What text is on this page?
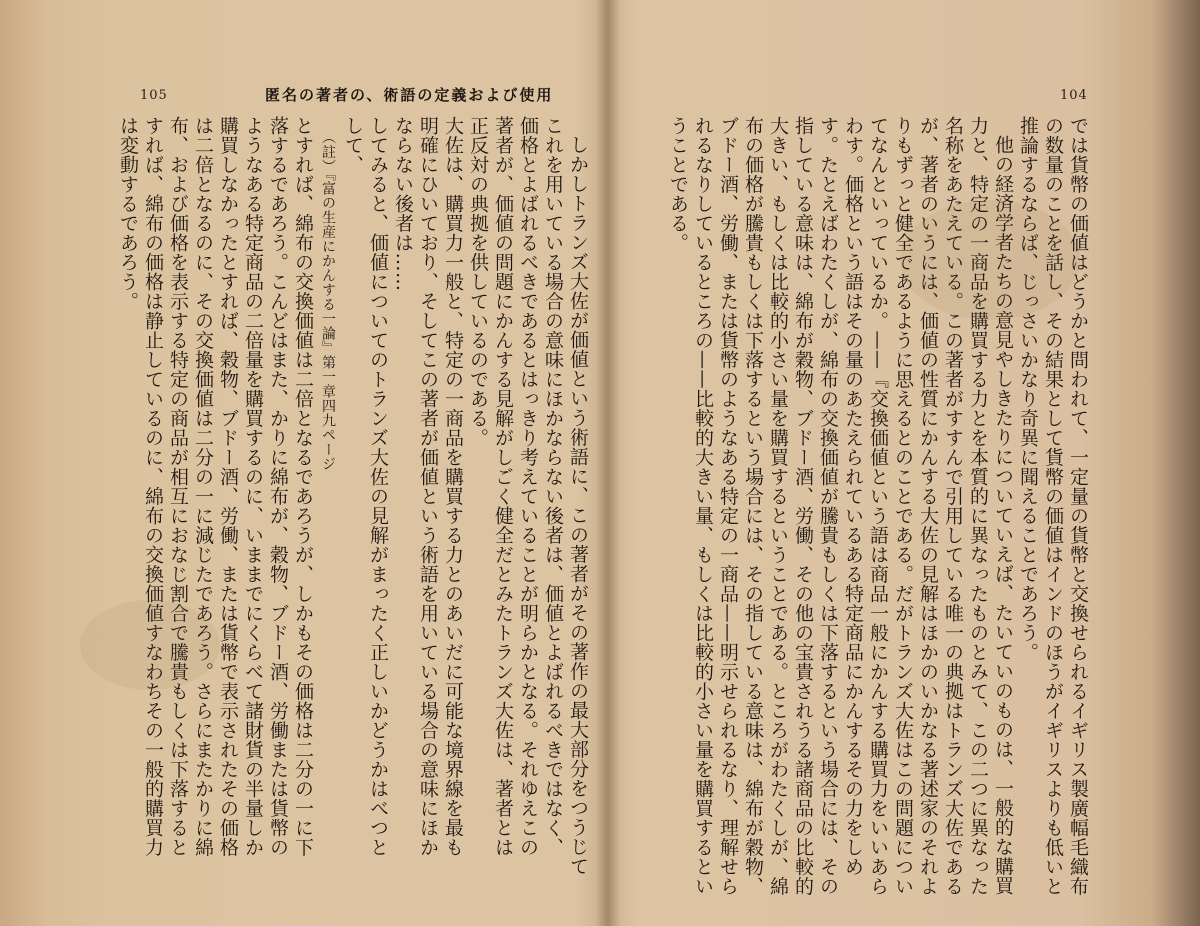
105	匿名の著者の、術語の定義および使用

しかしトランズ大佐が価値という術語に、この著者がその著作の最大部分をつうじてこれを用いている場合の意味にほかならない後者は、価値とよばれるべきではなく、価格とよばれるべきであるとはっきり考えていることが明らかとなる。それゆえこの著者が、価値の問題にかんする見解がしごく健全だとみたトランズ大佐は、著者とは正反対の典拠を供しているのである。

大佐は、購買力一般と、特定の一商品を購買する力とのあいだに可能な境界線を最も明確にひいており、そしてこの著者が価値という術語を用いている場合の意味にほかならない後者は……

してみると、価値についてのトランズ大佐の見解がまったく正しいかどうかはべつとして、

（註）『富の生産にかんする一論』第一章四九ページ

とすれば、綿布の交換価値は二倍となるであろうが、しかもその価格は二分の一に下落するであろう。こんどはまた、かりに綿布が、穀物、ブドー酒、労働または貨幣のようなある特定商品の二倍量を購買するのに、いままでにくらべて諸財貨の半量しか購買しなかったとすれば、穀物、ブドー酒、労働、または貨幣で表示されたその価格は二倍となるのに、その交換価値は二分の一に減じたであろう。さらにまたかりに綿布、および価格を表示する特定の商品が相互におなじ割合で騰貴もしくは下落するとすれば、綿布の価格は静止しているのに、綿布の交換価値すなわちその一般的購買力は変動するであろう。

104

では貨幣の価値はどうかと問われて、一定量の貨幣と交換せられるイギリス製廣幅毛織布の数量のことを話し、その結果として貨幣の価値はインドのほうがイギリスよりも低いと推論するならば、じっさいかなり奇異に聞えることであろう。

他の経済学者たちの意見やしきたりについていえば、たいていのものは、一般的な購買力と、特定の一商品を購買する力とを本質的に異なったものとみて、この二つに異なった名称をあたえている。この著者がすすんで引用している唯一の典拠はトランズ大佐であるが、著者のいうには、価値の性質にかんする大佐の見解はほかのいかなる著述家のそれよりもずっと健全であるように思えるとのことである。だがトランズ大佐はこの問題についてなんといっているか。——『交換価値という語は商品一般にかんする購買力をいいあらわす。価格という語はその量のあたえられているある特定商品にかんするその力をしめす。たとえばわたくしが、綿布の交換価値が騰貴もしくは下落するという場合には、その指している意味は、綿布が穀物、ブドー酒、労働、その他の宝貴されうる諸商品の比較的大きい、もしくは比較的小さい量を購買するということである。ところがわたくしが、綿布の価格が騰貴もしくは下落するという場合には、その指している意味は、綿布が穀物、ブドー酒、労働、または貨幣のようなある特定の一商品——明示せられるなり、理解せられるなりしているところの——比較的大きい量、もしくは比較的小さい量を購買するということである。
